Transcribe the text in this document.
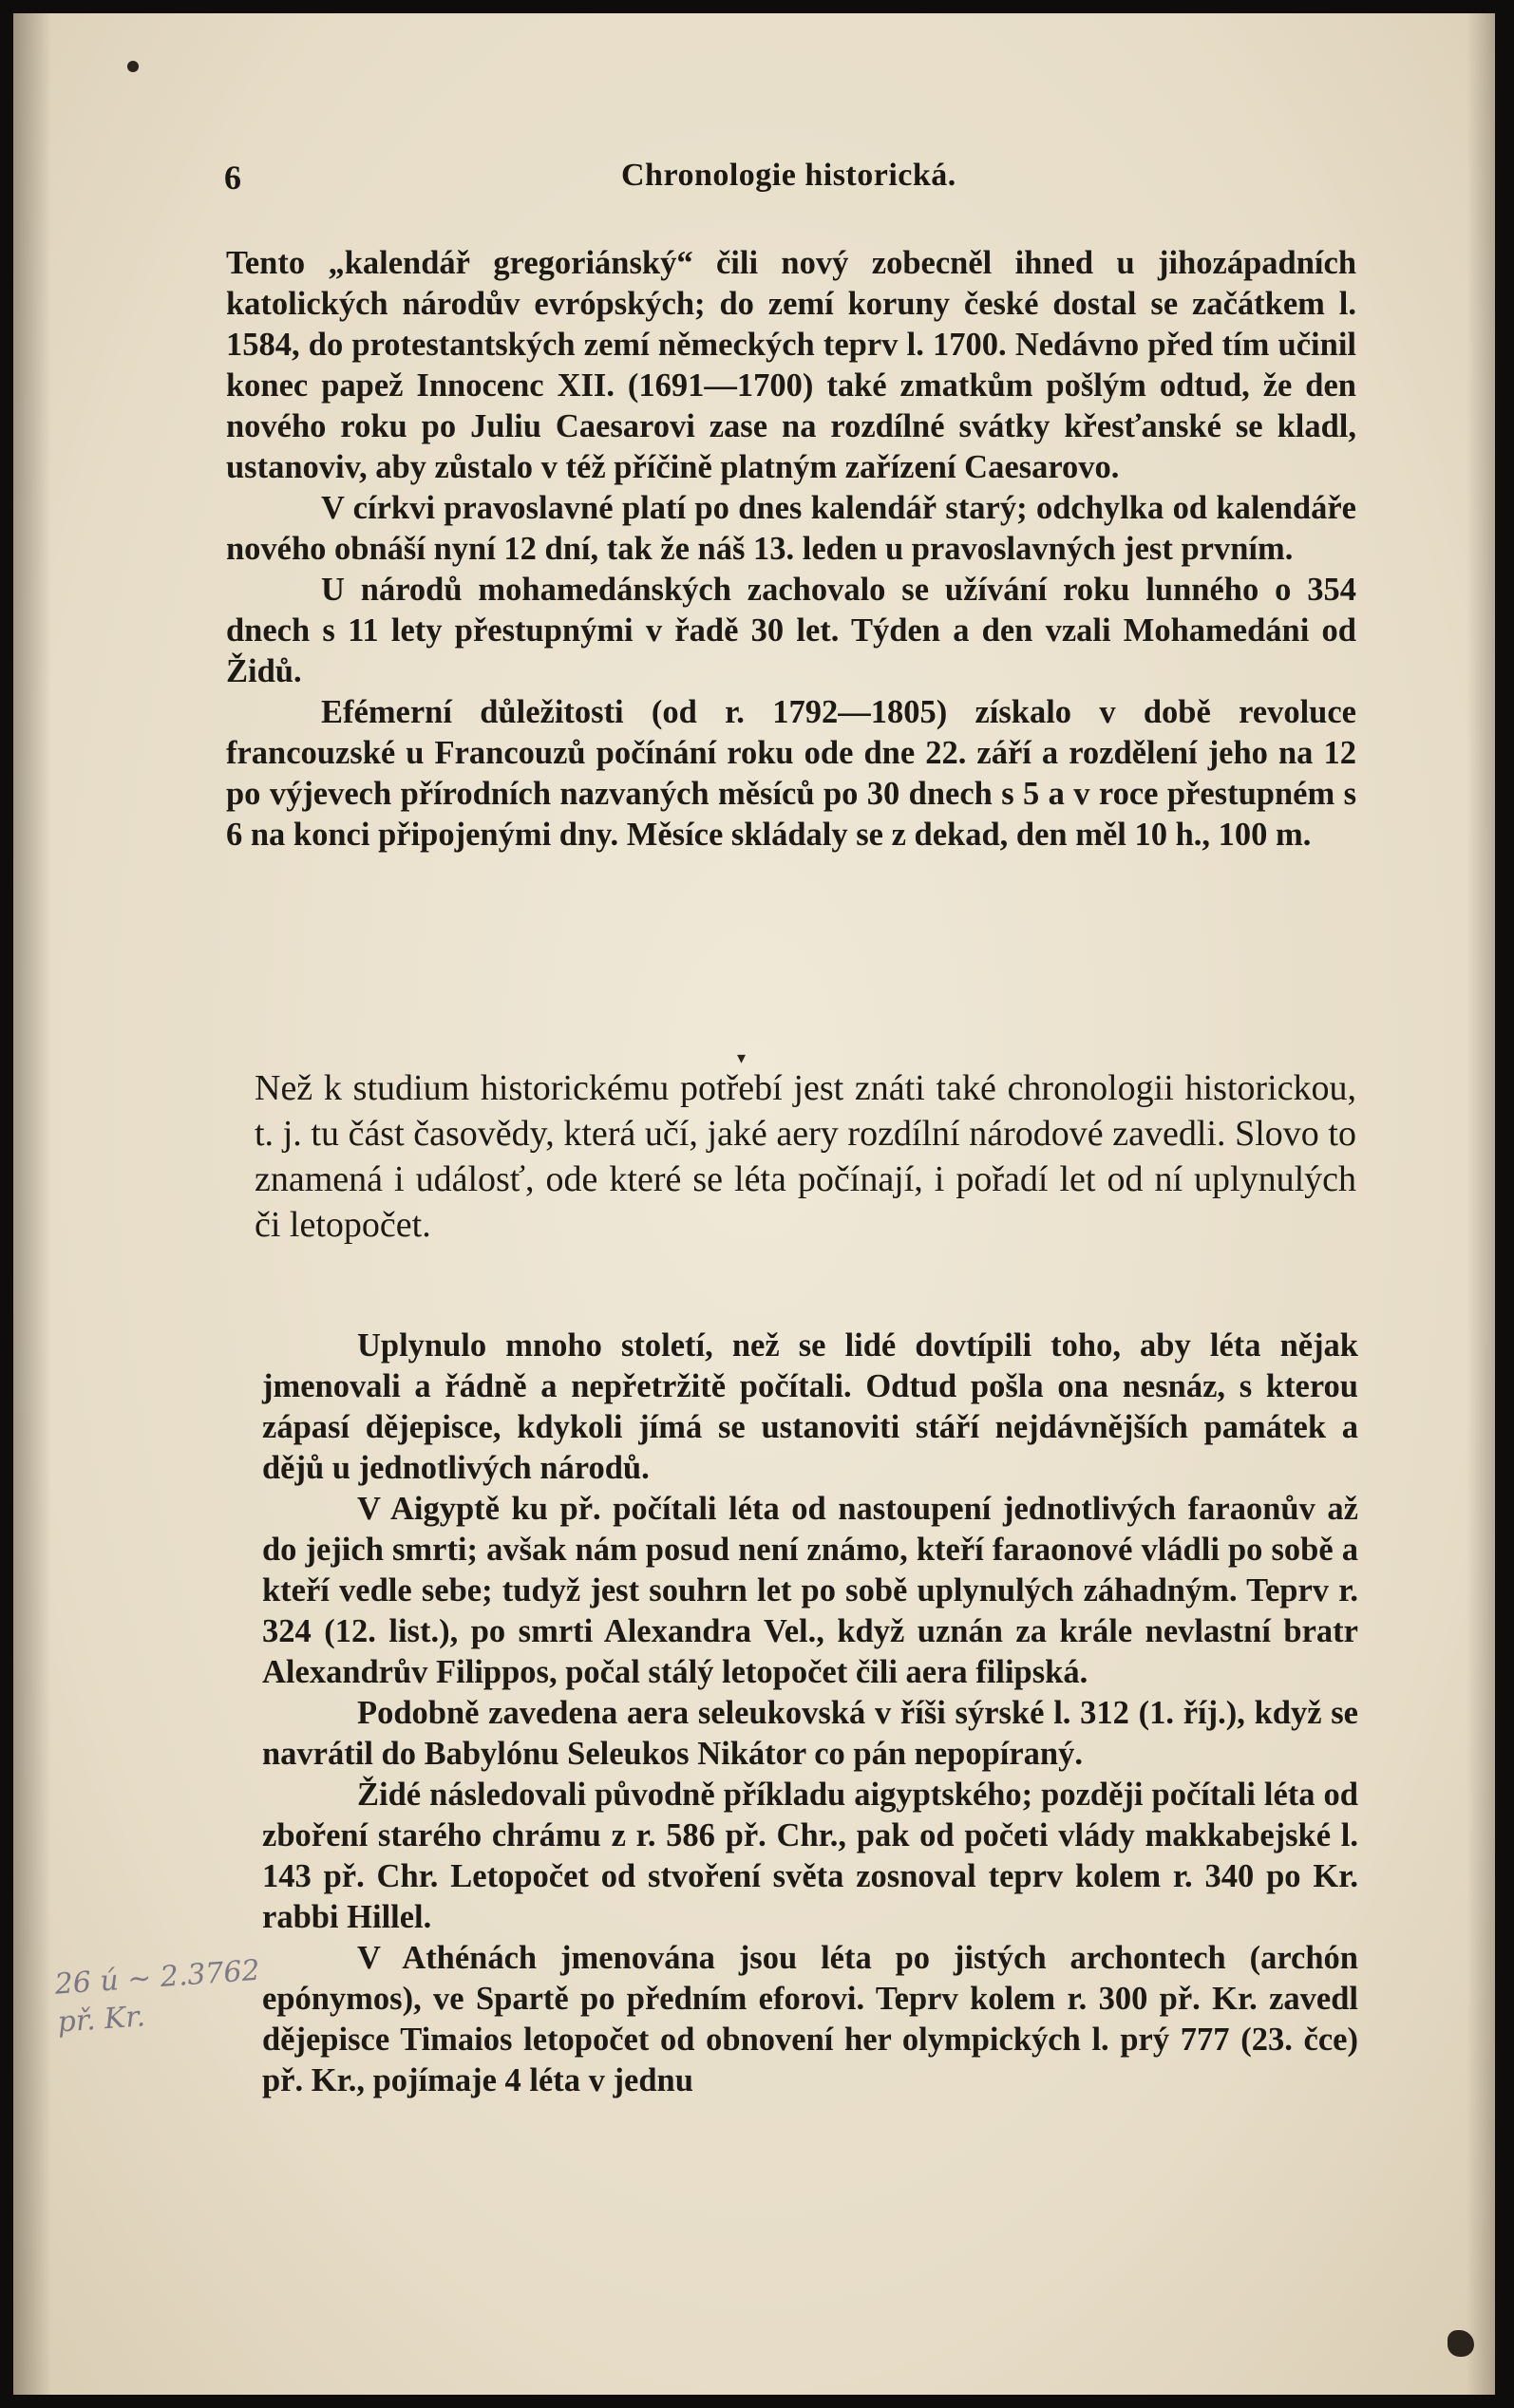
6	Chronologie historická.

Tento „kalendář gregoriánský“ čili nový zobecněl ihned u jihozápadních katolických národův evrópských; do zemí koruny české dostal se začátkem l. 1584, do protestantských zemí německých teprv l. 1700. Nedávno před tím učinil konec papež Innocenc XII. (1691—1700) také zmatkům pošlým odtud, že den nového roku po Juliu Caesarovi zase na rozdílné svátky křesťanské se kladl, ustanoviv, aby zůstalo v též příčině platným zařízení Caesarovo.

V církvi pravoslavné platí po dnes kalendář starý; odchylka od kalendáře nového obnáší nyní 12 dní, tak že náš 13. leden u pravoslavných jest prvním.

U národů mohamedánských zachovalo se užívání roku lunného o 354 dnech s 11 lety přestupnými v řadě 30 let. Týden a den vzali Mohamedáni od Židů.

Efémerní důležitosti (od r. 1792—1805) získalo v době revoluce francouzské u Francouzů počínání roku ode dne 22. září a rozdělení jeho na 12 po výjevech přírodních nazvaných měsíců po 30 dnech s 5 a v roce přestupném s 6 na konci připojenými dny. Měsíce skládaly se z dekad, den měl 10 h., 100 m.

▾

Než k studium historickému potřebí jest znáti také chronologii historickou, t. j. tu část časovědy, která učí, jaké aery rozdílní národové zavedli. Slovo to znamená i událosť, ode které se léta počínají, i pořadí let od ní uplynulých či letopočet.

Uplynulo mnoho století, než se lidé dovtípili toho, aby léta nějak jmenovali a řádně a nepřetržitě počítali. Odtud pošla ona nesnáz, s kterou zápasí dějepisce, kdykoli jímá se ustanoviti stáří nejdávnějších památek a dějů u jednotlivých národů.

V Aigyptě ku př. počítali léta od nastoupení jednotlivých faraonův až do jejich smrti; avšak nám posud není známo, kteří faraonové vládli po sobě a kteří vedle sebe; tudyž jest souhrn let po sobě uplynulých záhadným. Teprv r. 324 (12. list.), po smrti Alexandra Vel., když uznán za krále nevlastní bratr Alexandrův Filippos, počal stálý letopočet čili aera filipská.

Podobně zavedena aera seleukovská v říši sýrské l. 312 (1. říj.), když se navrátil do Babylónu Seleukos Nikátor co pán nepopíraný.

Židé následovali původně příkladu aigyptského; později počítali léta od zboření starého chrámu z r. 586 př. Chr., pak od početi vlády makkabejské l. 143 př. Chr. Letopočet od stvoření světa zosnoval teprv kolem r. 340 po Kr. rabbi Hillel.

V Athénách jmenována jsou léta po jistých archontech (archón epónymos), ve Spartě po předním eforovi. Teprv kolem r. 300 př. Kr. zavedl dějepisce Timaios letopočet od obnovení her olympických l. prý 777 (23. čce) př. Kr., pojímaje 4 léta v jednu

26 ú ~ 2.3762
př. Kr.
